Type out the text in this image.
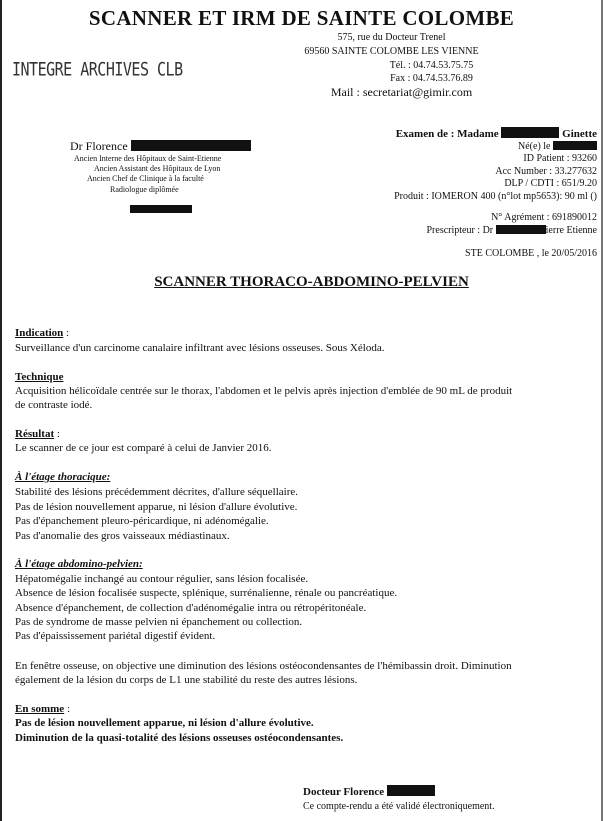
SCANNER ET IRM DE SAINTE COLOMBE
575, rue du Docteur Trenel
69560 SAINTE COLOMBE LES VIENNE
Tél. : 04.74.53.75.75
Fax : 04.74.53.76.89
Mail : secretariat@gimir.com
INTEGRE ARCHIVES CLB
Dr Florence
Ancien Interne des Hôpitaux de Saint-Etienne
Ancien Assistant des Hôpitaux de Lyon
Ancien Chef de Clinique à la faculté
Radiologue diplômée
Examen de : Madame	Ginette
Né(e) le
ID Patient : 93260
Acc Number : 33.277632
DLP / CDTI : 651/9.20
Produit : IOMERON 400 (n°lot mp5653): 90 ml ()
N° Agrément : 691890012
Prescripteur : Dr	ierre Etienne
STE COLOMBE , le 20/05/2016
SCANNER THORACO-ABDOMINO-PELVIEN
Indication :
Surveillance d'un carcinome canalaire infiltrant avec lésions osseuses. Sous Xéloda.
Technique
Acquisition hélicoïdale centrée sur le thorax, l'abdomen et le pelvis après injection d'emblée de 90 mL de produit
de contraste iodé.
Résultat :
Le scanner de ce jour est comparé à celui de Janvier 2016.
À l'étage thoracique:
Stabilité des lésions précédemment décrites, d'allure séquellaire.
Pas de lésion nouvellement apparue, ni lésion d'allure évolutive.
Pas d'épanchement pleuro-péricardique, ni adénomégalie.
Pas d'anomalie des gros vaisseaux médiastinaux.
À l'étage abdomino-pelvien:
Hépatomégalie inchangé au contour régulier, sans lésion focalisée.
Absence de lésion focalisée suspecte, splénique, surrénalienne, rénale ou pancréatique.
Absence d'épanchement, de collection d'adénomégalie intra ou rétropéritonéale.
Pas de syndrome de masse pelvien ni épanchement ou collection.
Pas d'épaississement pariétal digestif évident.
En fenêtre osseuse, on objective une diminution des lésions ostéocondensantes de l'hémibassin droit. Diminution
également de la lésion du corps de L1 une stabilité du reste des autres lésions.
En somme :
Pas de lésion nouvellement apparue, ni lésion d'allure évolutive.
Diminution de la quasi-totalité des lésions osseuses ostéocondensantes.
Docteur Florence
Ce compte-rendu a été validé électroniquement.
